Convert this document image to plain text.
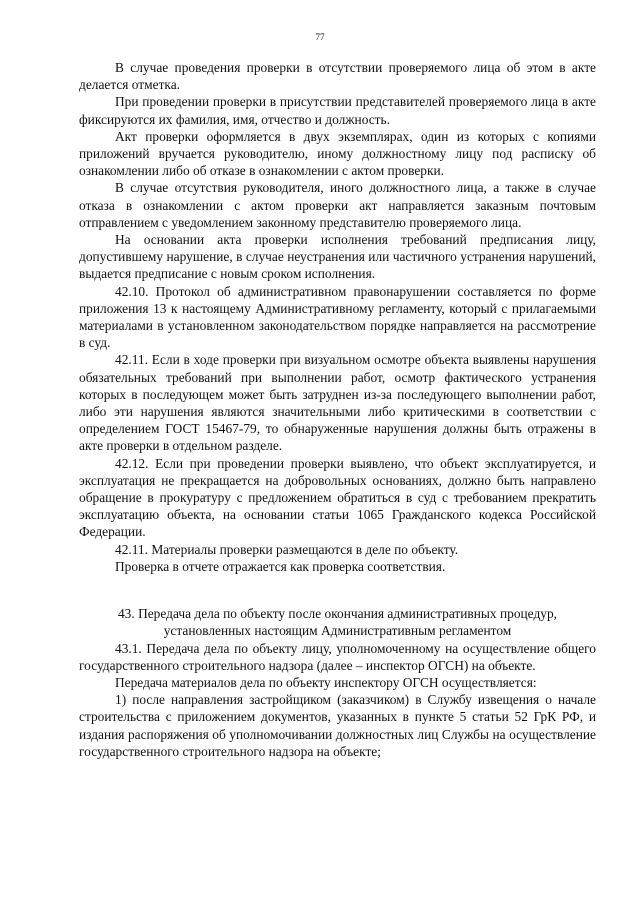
77

В случае проведения проверки в отсутствии проверяемого лица об этом в акте делается отметка.

При проведении проверки в присутствии представителей проверяемого лица в акте фиксируются их фамилия, имя, отчество и должность.

Акт проверки оформляется в двух экземплярах, один из которых с копиями приложений вручается руководителю, иному должностному лицу под расписку об ознакомлении либо об отказе в ознакомлении с актом проверки.

В случае отсутствия руководителя, иного должностного лица, а также в случае отказа в ознакомлении с актом проверки акт направляется заказным почтовым отправлением с уведомлением законному представителю проверяемого лица.

На основании акта проверки исполнения требований предписания лицу, допустившему нарушение, в случае неустранения или частичного устранения нарушений, выдается предписание с новым сроком исполнения.

42.10. Протокол об административном правонарушении составляется по форме приложения 13 к настоящему Административному регламенту, который с прилагаемыми материалами в установленном законодательством порядке направляется на рассмотрение в суд.

42.11. Если в ходе проверки при визуальном осмотре объекта выявлены нарушения обязательных требований при выполнении работ, осмотр фактического устранения которых в последующем может быть затруднен из-за последующего выполнении работ, либо эти нарушения являются значительными либо критическими в соответствии с определением ГОСТ 15467-79, то обнаруженные нарушения должны быть отражены в акте проверки в отдельном разделе.

42.12. Если при проведении проверки выявлено, что объект эксплуатируется, и эксплуатация не прекращается на добровольных основаниях, должно быть направлено обращение в прокуратуру с предложением обратиться в суд с требованием прекратить эксплуатацию объекта, на основании статьи 1065 Гражданского кодекса Российской Федерации.

42.11. Материалы проверки размещаются в деле по объекту.

Проверка в отчете отражается как проверка соответствия.

43. Передача дела по объекту после окончания административных процедур, установленных настоящим Административным регламентом

43.1. Передача дела по объекту лицу, уполномоченному на осуществление общего государственного строительного надзора (далее – инспектор ОГСН) на объекте.

Передача материалов дела по объекту инспектору ОГСН осуществляется:

1) после направления застройщиком (заказчиком) в Службу извещения о начале строительства с приложением документов, указанных в пункте 5 статьи 52 ГрК РФ, и издания распоряжения об уполномочивании должностных лиц Службы на осуществление государственного строительного надзора на объекте;
